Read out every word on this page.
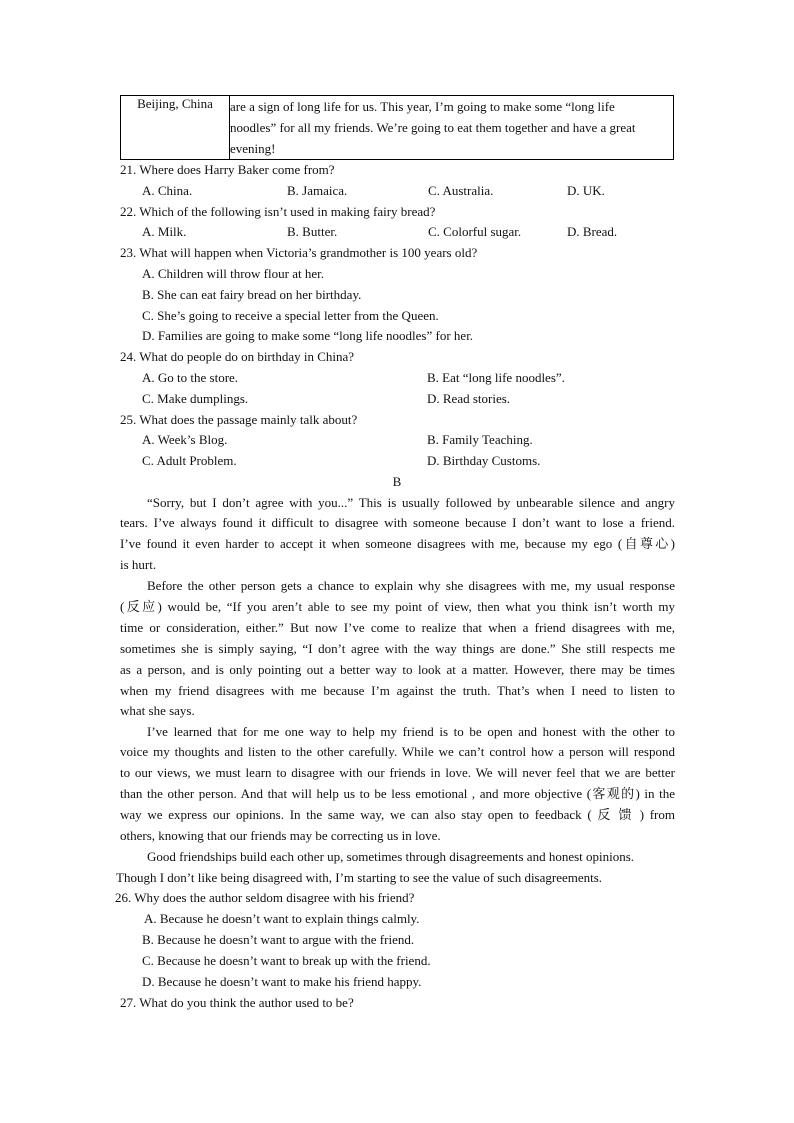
Beijing, China	are a sign of long life for us. This year, I’m going to make some “long life
noodles” for all my friends. We’re going to eat them together and have a great
evening!
21. Where does Harry Baker come from?
A. China.	B. Jamaica.	C. Australia.	D. UK.
22. Which of the following isn’t used in making fairy bread?
A. Milk.	B. Butter.	C. Colorful sugar.	D. Bread.
23. What will happen when Victoria’s grandmother is 100 years old?
A. Children will throw flour at her.
B. She can eat fairy bread on her birthday.
C. She’s going to receive a special letter from the Queen.
D. Families are going to make some “long life noodles” for her.
24. What do people do on birthday in China?
A. Go to the store.	B. Eat “long life noodles”.
C. Make dumplings.	D. Read stories.
25. What does the passage mainly talk about?
A. Week’s Blog.	B. Family Teaching.
C. Adult Problem.	D. Birthday Customs.
B
“Sorry, but I don’t agree with you...” This is usually followed by unbearable silence and angry
tears. I’ve always found it difficult to disagree with someone because I don’t want to lose a friend.
I’ve found it even harder to accept it when someone disagrees with me, because my ego (自尊心)
is hurt.
Before the other person gets a chance to explain why she disagrees with me, my usual response
(反应) would be, “If you aren’t able to see my point of view, then what you think isn’t worth my
time or consideration, either.” But now I’ve come to realize that when a friend disagrees with me,
sometimes she is simply saying, “I don’t agree with the way things are done.” She still respects me
as a person, and is only pointing out a better way to look at a matter. However, there may be times
when my friend disagrees with me because I’m against the truth. That’s when I need to listen to
what she says.
I’ve learned that for me one way to help my friend is to be open and honest with the other to
voice my thoughts and listen to the other carefully. While we can’t control how a person will respond
to our views, we must learn to disagree with our friends in love. We will never feel that we are better
than the other person. And that will help us to be less emotional , and more objective (客观的) in the
way we express our opinions. In the same way, we can also stay open to feedback ( 反 馈 ) from
others, knowing that our friends may be correcting us in love.
Good friendships build each other up, sometimes through disagreements and honest opinions.
Though I don’t like being disagreed with, I’m starting to see the value of such disagreements.
26. Why does the author seldom disagree with his friend?
A. Because he doesn’t want to explain things calmly.
B. Because he doesn’t want to argue with the friend.
C. Because he doesn’t want to break up with the friend.
D. Because he doesn’t want to make his friend happy.
27. What do you think the author used to be?
